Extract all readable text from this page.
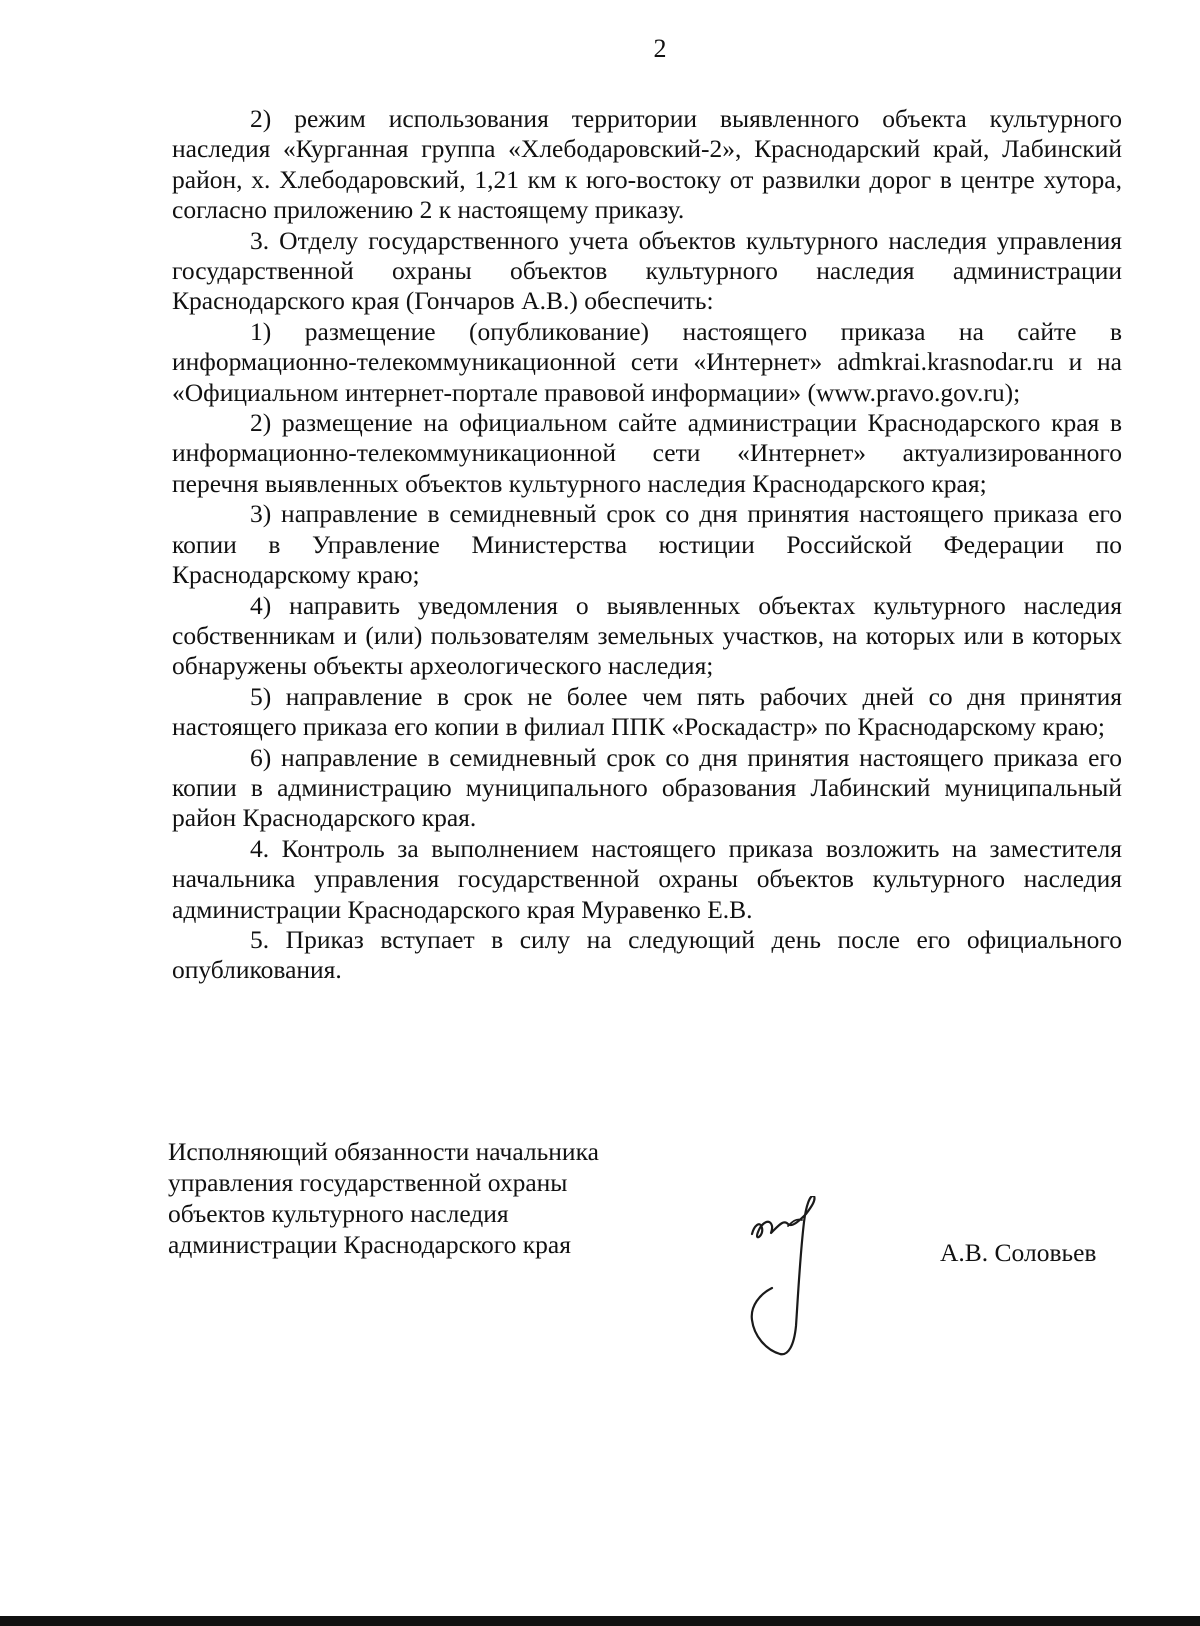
2

2) режим использования территории выявленного объекта культурного наследия «Курганная группа «Хлебодаровский-2», Краснодарский край, Лабинский район, х. Хлебодаровский, 1,21 км к юго-востоку от развилки дорог в центре хутора, согласно приложению 2 к настоящему приказу.

3. Отделу государственного учета объектов культурного наследия управления государственной охраны объектов культурного наследия администрации Краснодарского края (Гончаров А.В.) обеспечить:

1) размещение (опубликование) настоящего приказа на сайте в информационно-телекоммуникационной сети «Интернет» admkrai.krasnodar.ru и на «Официальном интернет-портале правовой информации» (www.pravo.gov.ru);

2) размещение на официальном сайте администрации Краснодарского края в информационно-телекоммуникационной сети «Интернет» актуализированного перечня выявленных объектов культурного наследия Краснодарского края;

3) направление в семидневный срок со дня принятия настоящего приказа его копии в Управление Министерства юстиции Российской Федерации по Краснодарскому краю;

4) направить уведомления о выявленных объектах культурного наследия собственникам и (или) пользователям земельных участков, на которых или в которых обнаружены объекты археологического наследия;

5) направление в срок не более чем пять рабочих дней со дня принятия настоящего приказа его копии в филиал ППК «Роскадастр» по Краснодарскому краю;

6) направление в семидневный срок со дня принятия настоящего приказа его копии в администрацию муниципального образования Лабинский муниципальный район Краснодарского края.

4. Контроль за выполнением настоящего приказа возложить на заместителя начальника управления государственной охраны объектов культурного наследия администрации Краснодарского края Муравенко Е.В.

5. Приказ вступает в силу на следующий день после его официального опубликования.

Исполняющий обязанности начальника
управления государственной охраны
объектов культурного наследия
администрации Краснодарского края	А.В. Соловьев
